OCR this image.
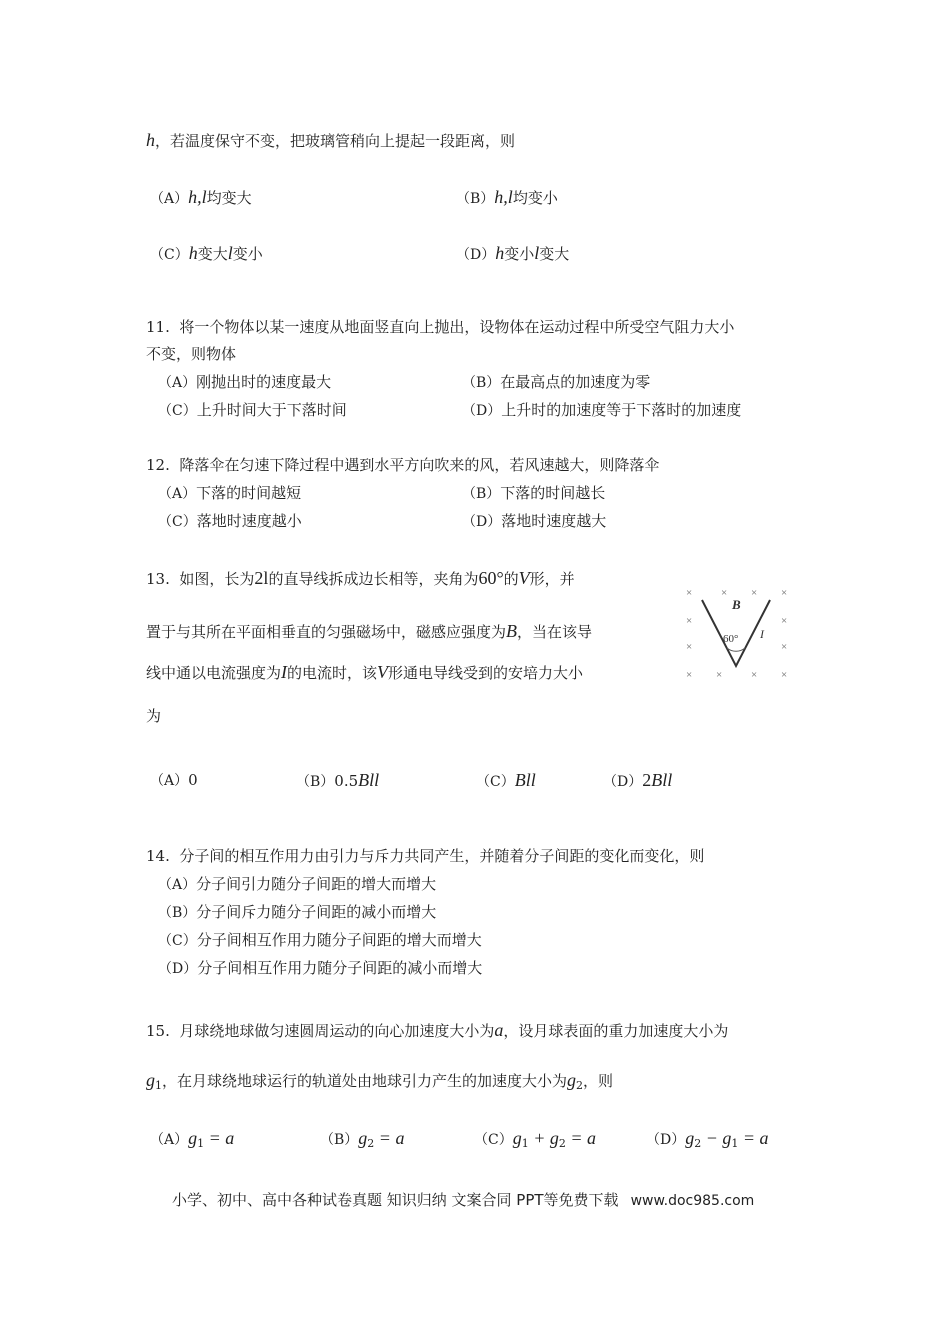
h，若温度保守不变，把玻璃管稍向上提起一段距离，则
（A）h,l均变大	（B）h,l均变小
（C）h变大l变小	（D）h变小l变大
11. 将一个物体以某一速度从地面竖直向上抛出，设物体在运动过程中所受空气阻力大小
不变，则物体
（A）刚抛出时的速度最大	（B）在最高点的加速度为零
（C）上升时间大于下落时间	（D）上升时的加速度等于下落时的加速度
12. 降落伞在匀速下降过程中遇到水平方向吹来的风，若风速越大，则降落伞
（A）下落的时间越短	（B）下落的时间越长
（C）落地时速度越小	（D）落地时速度越大
13. 如图，长为2l的直导线拆成边长相等，夹角为60°的V形，并
置于与其所在平面相垂直的匀强磁场中，磁感应强度为B，当在该导
线中通以电流强度为I的电流时，该V形通电导线受到的安培力大小
为
×	× × ×
×	×
×	×
× ×	× ×
B
60° I
（A）0	（B）0.5Bll	（C）Bll	（D）2Bll
14. 分子间的相互作用力由引力与斥力共同产生，并随着分子间距的变化而变化，则
（A）分子间引力随分子间距的增大而增大
（B）分子间斥力随分子间距的减小而增大
（C）分子间相互作用力随分子间距的增大而增大
（D）分子间相互作用力随分子间距的减小而增大
15. 月球绕地球做匀速圆周运动的向心加速度大小为a，设月球表面的重力加速度大小为
$g_1$，在月球绕地球运行的轨道处由地球引力产生的加速度大小为$g_2$，则
$(A)g_1 = a$	$(B)g_2 = a$	$(C)g_1 + g_2 = a$	$(D)g_2 - g_1 = a$
小学、初中、高中各种试卷真题 知识归纳 文案合同 PPT等免费下载 www.doc985.com
